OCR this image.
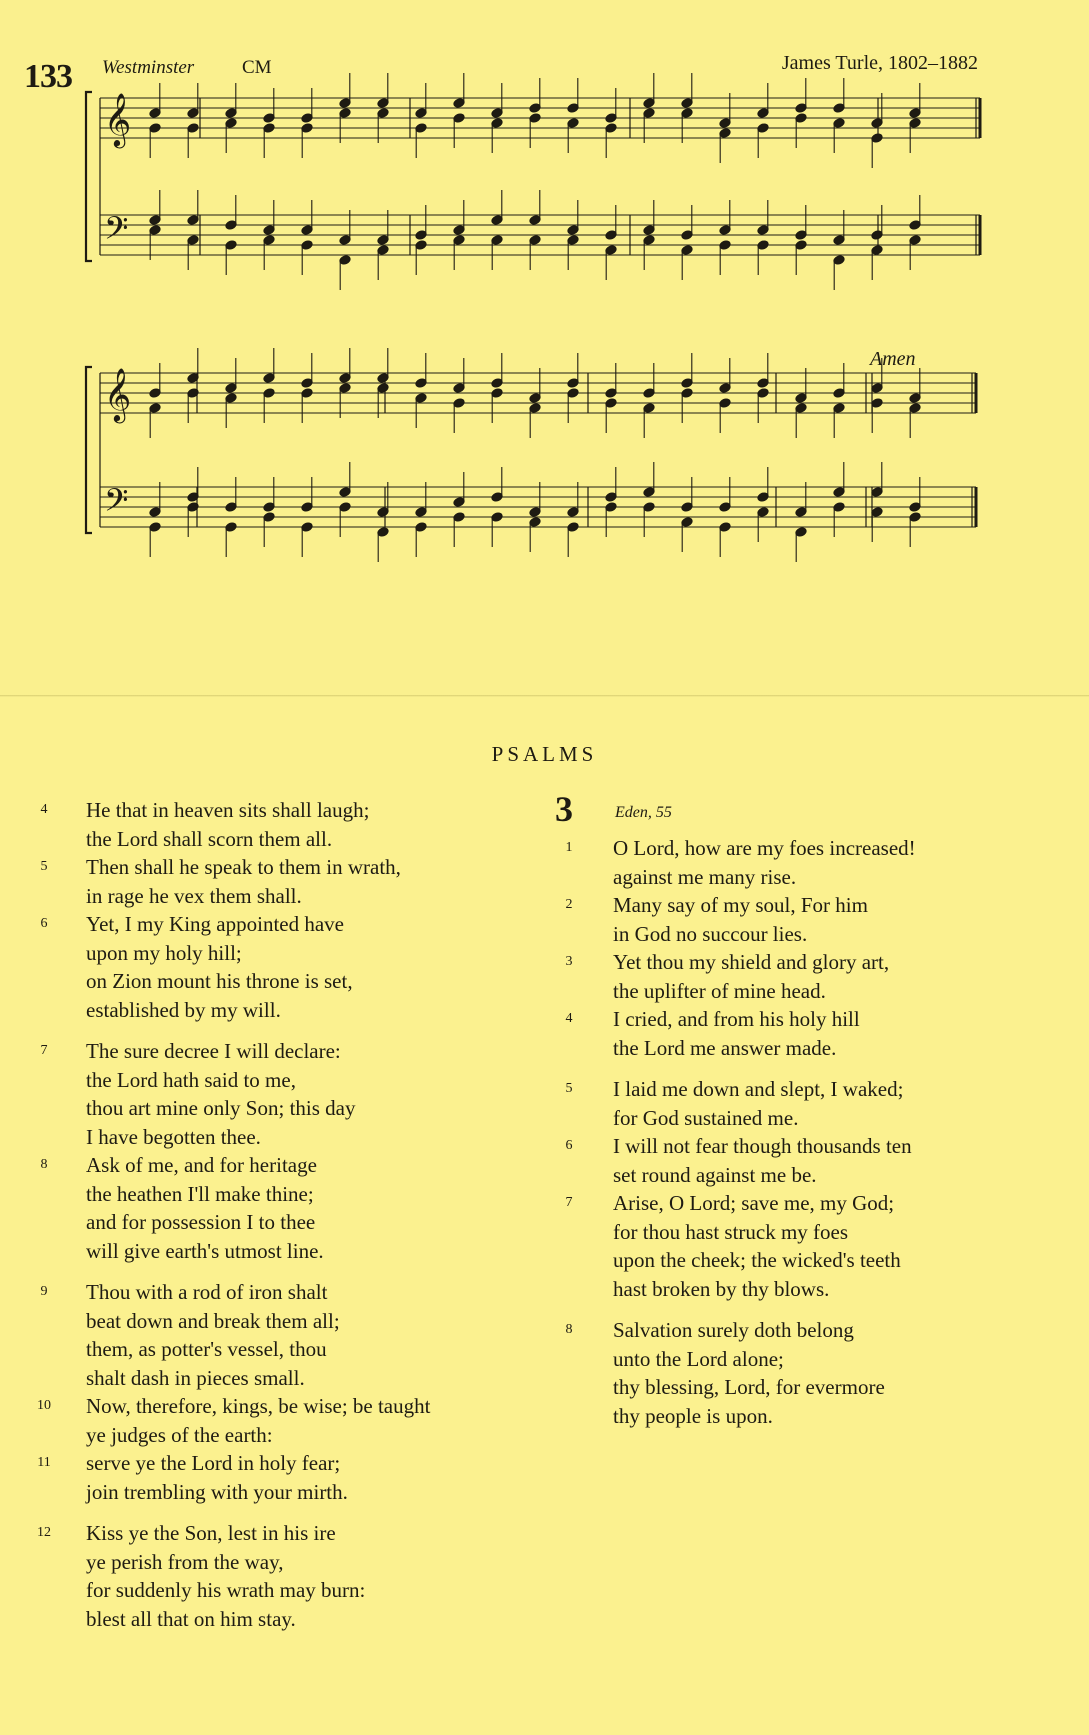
133 Westminster	CM	James Turle, 1802–1882
Amen
𝄞
𝄢
𝄞
𝄢
PSALMS
4	He that in heaven sits shall laugh;
the Lord shall scorn them all.
5	Then shall he speak to them in wrath,
in rage he vex them shall.
6	Yet, I my King appointed have
upon my holy hill;
on Zion mount his throne is set,
established by my will.
7	The sure decree I will declare:
the Lord hath said to me,
thou art mine only Son; this day
I have begotten thee.
8	Ask of me, and for heritage
the heathen I'll make thine;
and for possession I to thee
will give earth's utmost line.
9	Thou with a rod of iron shalt
beat down and break them all;
them, as potter's vessel, thou
shalt dash in pieces small.
10	Now, therefore, kings, be wise; be taught
ye judges of the earth:
11	serve ye the Lord in holy fear;
join trembling with your mirth.
12	Kiss ye the Son, lest in his ire
ye perish from the way,
for suddenly his wrath may burn:
blest all that on him stay.
3	Eden, 55
1	O Lord, how are my foes increased!
against me many rise.
2	Many say of my soul, For him
in God no succour lies.
3	Yet thou my shield and glory art,
the uplifter of mine head.
4	I cried, and from his holy hill
the Lord me answer made.
5	I laid me down and slept, I waked;
for God sustained me.
6	I will not fear though thousands ten
set round against me be.
7	Arise, O Lord; save me, my God;
for thou hast struck my foes
upon the cheek; the wicked's teeth
hast broken by thy blows.
8	Salvation surely doth belong
unto the Lord alone;
thy blessing, Lord, for evermore
thy people is upon.
